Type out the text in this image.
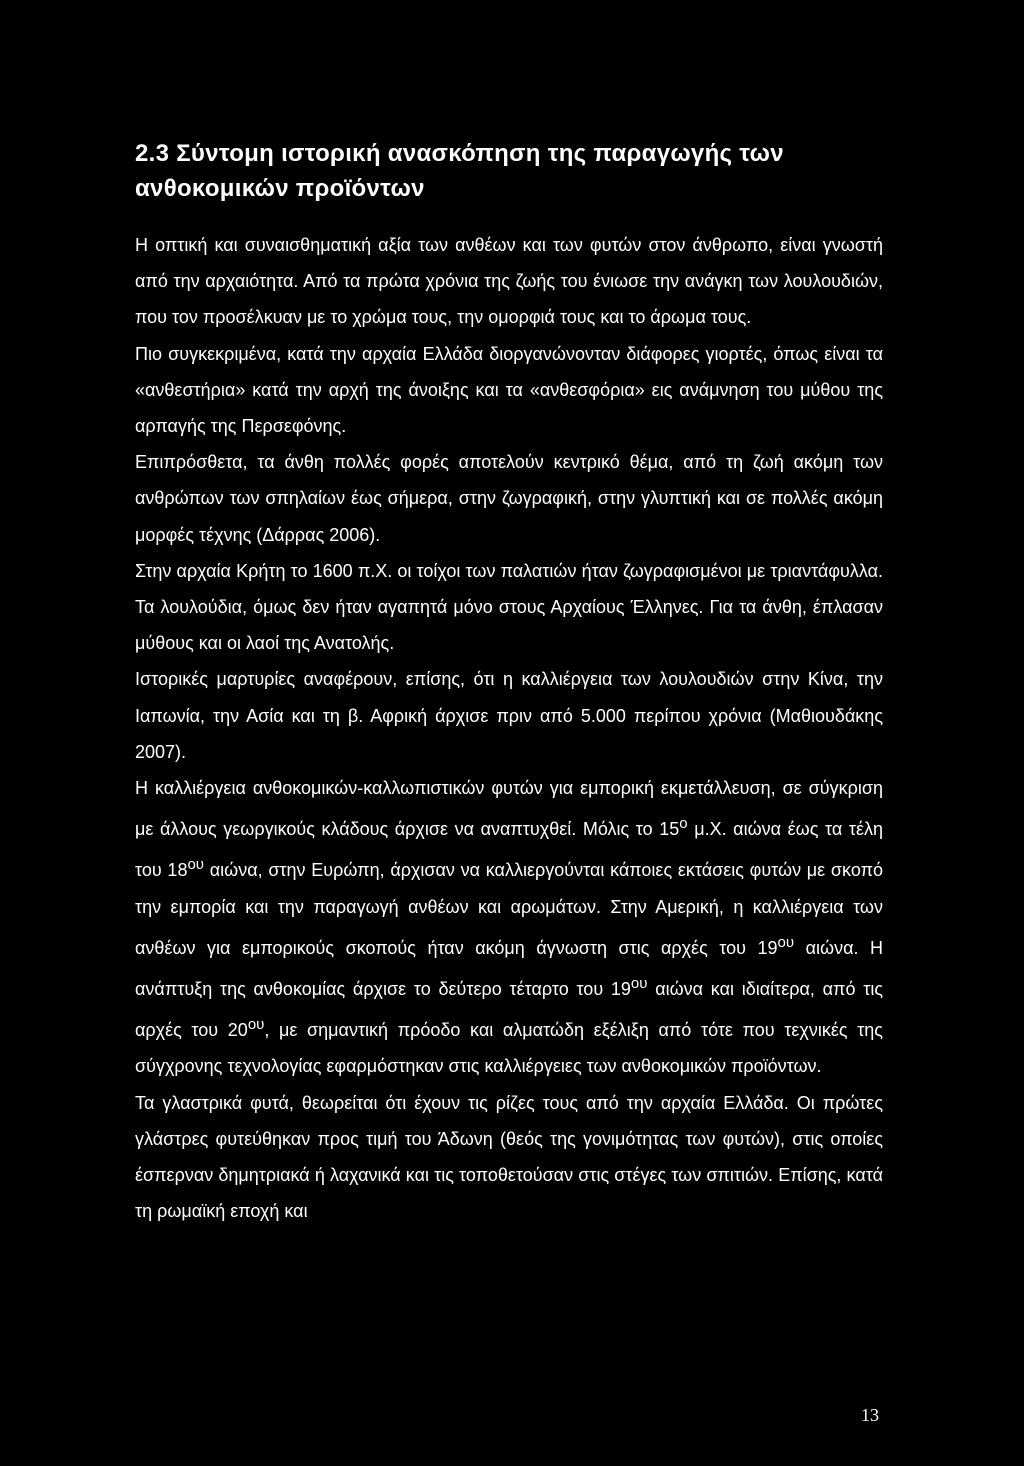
2.3 Σύντομη ιστορική ανασκόπηση της παραγωγής των ανθοκομικών προϊόντων

Η οπτική και συναισθηματική αξία των ανθέων και των φυτών στον άνθρωπο, είναι γνωστή από την αρχαιότητα. Από τα πρώτα χρόνια της ζωής του ένιωσε την ανάγκη των λουλουδιών, που τον προσέλκυαν με το χρώμα τους, την ομορφιά τους και το άρωμα τους.

Πιο συγκεκριμένα, κατά την αρχαία Ελλάδα διοργανώνονταν διάφορες γιορτές, όπως είναι τα «ανθεστήρια» κατά την αρχή της άνοιξης και τα «ανθεσφόρια» εις ανάμνηση του μύθου της αρπαγής της Περσεφόνης.

Επιπρόσθετα, τα άνθη πολλές φορές αποτελούν κεντρικό θέμα, από τη ζωή ακόμη των ανθρώπων των σπηλαίων έως σήμερα, στην ζωγραφική, στην γλυπτική και σε πολλές ακόμη μορφές τέχνης (Δάρρας 2006).

Στην αρχαία Κρήτη το 1600 π.Χ. οι τοίχοι των παλατιών ήταν ζωγραφισμένοι με τριαντάφυλλα. Τα λουλούδια, όμως δεν ήταν αγαπητά μόνο στους Αρχαίους Έλληνες. Για τα άνθη, έπλασαν μύθους και οι λαοί της Ανατολής.

Ιστορικές μαρτυρίες αναφέρουν, επίσης, ότι η καλλιέργεια των λουλουδιών στην Κίνα, την Ιαπωνία, την Ασία και τη β. Αφρική άρχισε πριν από 5.000 περίπου χρόνια (Μαθιουδάκης 2007).

Η καλλιέργεια ανθοκομικών-καλλωπιστικών φυτών για εμπορική εκμετάλλευση, σε σύγκριση με άλλους γεωργικούς κλάδους άρχισε να αναπτυχθεί. Μόλις το $15^o$ μ.Χ. αιώνα έως τα τέλη του $18^{o\upsilon}$ αιώνα, στην Ευρώπη, άρχισαν να καλλιεργούνται κάποιες εκτάσεις φυτών με σκοπό την εμπορία και την παραγωγή ανθέων και αρωμάτων. Στην Αμερική, η καλλιέργεια των ανθέων για εμπορικούς σκοπούς ήταν ακόμη άγνωστη στις αρχές του $19^{o\upsilon}$ αιώνα. Η ανάπτυξη της ανθοκομίας άρχισε το δεύτερο τέταρτο του $19^{o\upsilon}$ αιώνα και ιδιαίτερα, από τις αρχές του $20^{o\upsilon}$, με σημαντική πρόοδο και αλματώδη εξέλιξη από τότε που τεχνικές της σύγχρονης τεχνολογίας εφαρμόστηκαν στις καλλιέργειες των ανθοκομικών προϊόντων.

Τα γλαστρικά φυτά, θεωρείται ότι έχουν τις ρίζες τους από την αρχαία Ελλάδα. Οι πρώτες γλάστρες φυτεύθηκαν προς τιμή του Άδωνη (θεός της γονιμότητας των φυτών), στις οποίες έσπερναν δημητριακά ή λαχανικά και τις τοποθετούσαν στις στέγες των σπιτιών. Επίσης, κατά τη ρωμαϊκή εποχή και

13
